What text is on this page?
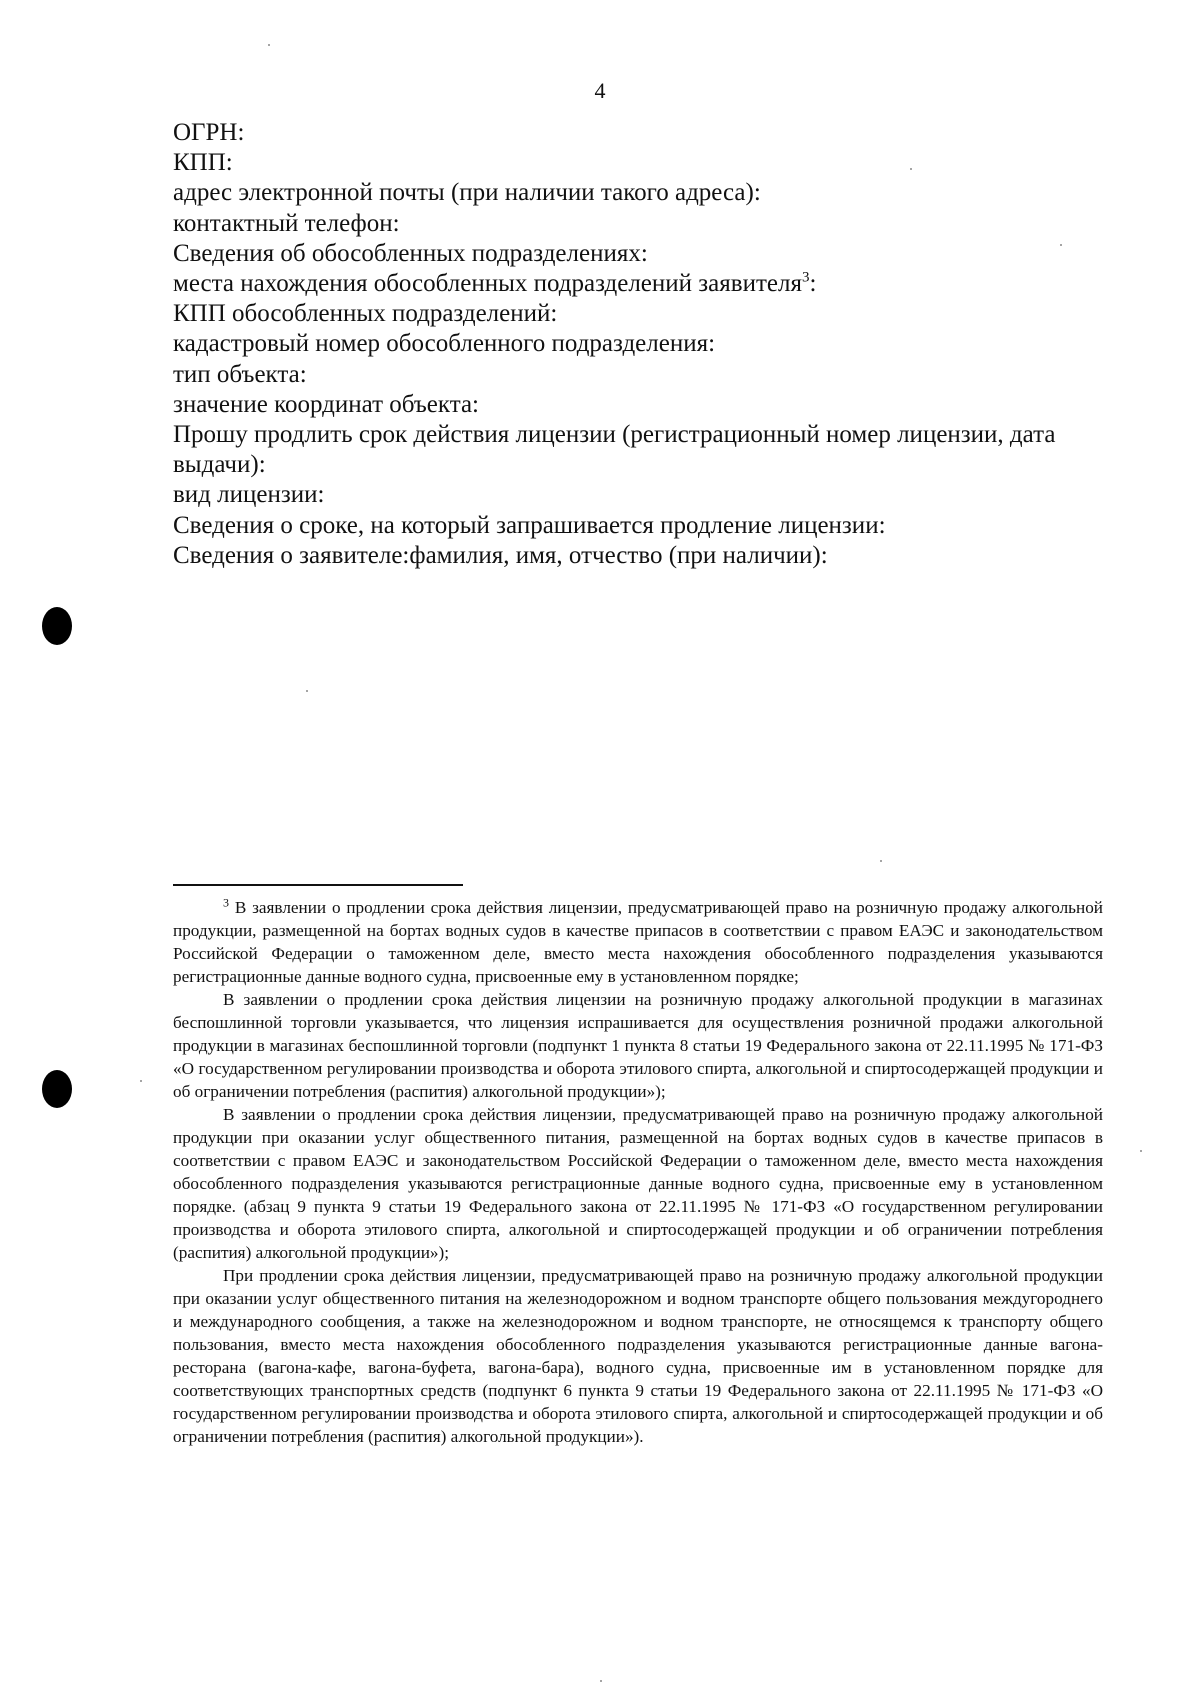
4
ОГРН:
КПП:
адрес электронной почты (при наличии такого адреса):
контактный телефон:
Сведения об обособленных подразделениях:
места нахождения обособленных подразделений заявителя$^3$:
КПП обособленных подразделений:
кадастровый номер обособленного подразделения:
тип объекта:
значение координат объекта:
Прошу продлить срок действия лицензии (регистрационный номер лицензии, дата выдачи):
вид лицензии:
Сведения о сроке, на который запрашивается продление лицензии:
Сведения о заявителе:фамилия, имя, отчество (при наличии):

$^3$ В заявлении о продлении срока действия лицензии, предусматривающей право на розничную продажу алкогольной продукции, размещенной на бортах водных судов в качестве припасов в соответствии с правом ЕАЭС и законодательством Российской Федерации о таможенном деле, вместо места нахождения обособленного подразделения указываются регистрационные данные водного судна, присвоенные ему в установленном порядке;

В заявлении о продлении срока действия лицензии на розничную продажу алкогольной продукции в магазинах беспошлинной торговли указывается, что лицензия испрашивается для осуществления розничной продажи алкогольной продукции в магазинах беспошлинной торговли (подпункт 1 пункта 8 статьи 19 Федерального закона от 22.11.1995 № 171-ФЗ «О государственном регулировании производства и оборота этилового спирта, алкогольной и спиртосодержащей продукции и об ограничении потребления (распития) алкогольной продукции»);

В заявлении о продлении срока действия лицензии, предусматривающей право на розничную продажу алкогольной продукции при оказании услуг общественного питания, размещенной на бортах водных судов в качестве припасов в соответствии с правом ЕАЭС и законодательством Российской Федерации о таможенном деле, вместо места нахождения обособленного подразделения указываются регистрационные данные водного судна, присвоенные ему в установленном порядке. (абзац 9 пункта 9 статьи 19 Федерального закона от 22.11.1995 № 171-ФЗ «О государственном регулировании производства и оборота этилового спирта, алкогольной и спиртосодержащей продукции и об ограничении потребления (распития) алкогольной продукции»);

При продлении срока действия лицензии, предусматривающей право на розничную продажу алкогольной продукции при оказании услуг общественного питания на железнодорожном и водном транспорте общего пользования междугороднего и международного сообщения, а также на железнодорожном и водном транспорте, не относящемся к транспорту общего пользования, вместо места нахождения обособленного подразделения указываются регистрационные данные вагона-ресторана (вагона-кафе, вагона-буфета, вагона-бара), водного судна, присвоенные им в установленном порядке для соответствующих транспортных средств (подпункт 6 пункта 9 статьи 19 Федерального закона от 22.11.1995 № 171-ФЗ «О государственном регулировании производства и оборота этилового спирта, алкогольной и спиртосодержащей продукции и об ограничении потребления (распития) алкогольной продукции»).
